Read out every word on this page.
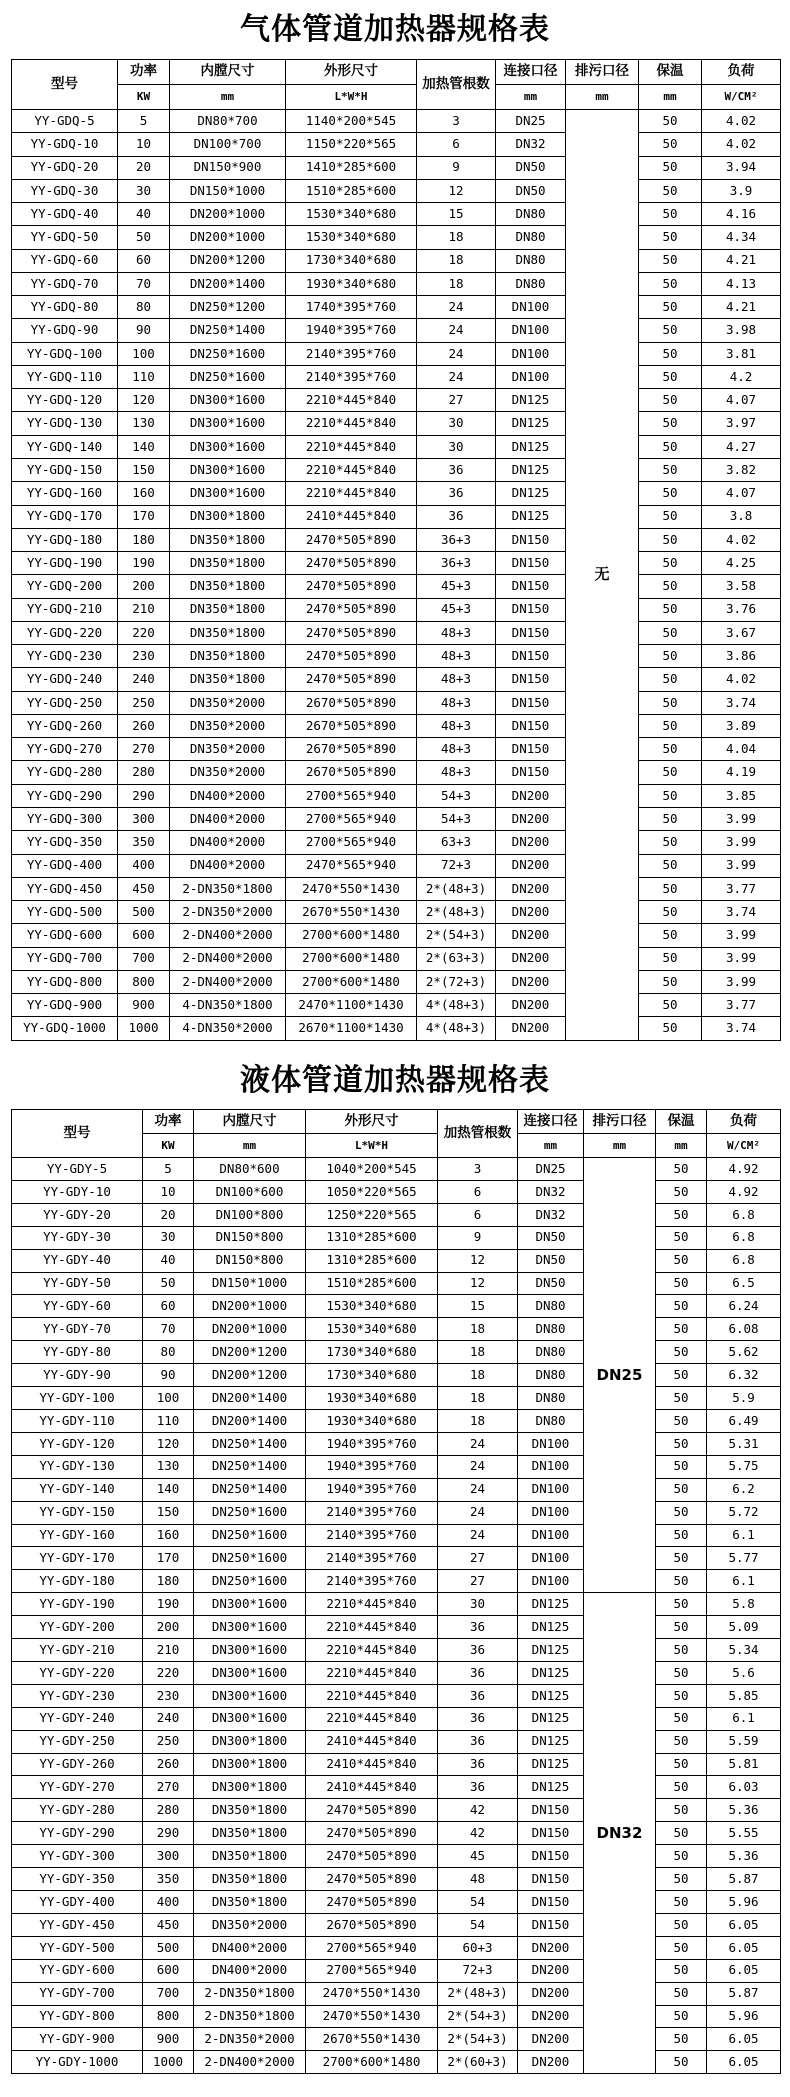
气体管道加热器规格表
型号	功率	内膛尺寸	外形尺寸	加热管根数	连接口径	排污口径	保温	负荷
	KW	mm	L*W*H		mm	mm	mm	W/CM²
YY-GDQ-5	5	DN80*700	1140*200*545	3	DN25	无	50	4.02
YY-GDQ-10	10	DN100*700	1150*220*565	6	DN32		50	4.02
YY-GDQ-20	20	DN150*900	1410*285*600	9	DN50		50	3.94
YY-GDQ-30	30	DN150*1000	1510*285*600	12	DN50		50	3.9
YY-GDQ-40	40	DN200*1000	1530*340*680	15	DN80		50	4.16
YY-GDQ-50	50	DN200*1000	1530*340*680	18	DN80		50	4.34
YY-GDQ-60	60	DN200*1200	1730*340*680	18	DN80		50	4.21
YY-GDQ-70	70	DN200*1400	1930*340*680	18	DN80		50	4.13
YY-GDQ-80	80	DN250*1200	1740*395*760	24	DN100		50	4.21
YY-GDQ-90	90	DN250*1400	1940*395*760	24	DN100		50	3.98
YY-GDQ-100	100	DN250*1600	2140*395*760	24	DN100		50	3.81
YY-GDQ-110	110	DN250*1600	2140*395*760	24	DN100		50	4.2
YY-GDQ-120	120	DN300*1600	2210*445*840	27	DN125		50	4.07
YY-GDQ-130	130	DN300*1600	2210*445*840	30	DN125		50	3.97
YY-GDQ-140	140	DN300*1600	2210*445*840	30	DN125		50	4.27
YY-GDQ-150	150	DN300*1600	2210*445*840	36	DN125		50	3.82
YY-GDQ-160	160	DN300*1600	2210*445*840	36	DN125		50	4.07
YY-GDQ-170	170	DN300*1800	2410*445*840	36	DN125		50	3.8
YY-GDQ-180	180	DN350*1800	2470*505*890	36+3	DN150		50	4.02
YY-GDQ-190	190	DN350*1800	2470*505*890	36+3	DN150		50	4.25
YY-GDQ-200	200	DN350*1800	2470*505*890	45+3	DN150		50	3.58
YY-GDQ-210	210	DN350*1800	2470*505*890	45+3	DN150		50	3.76
YY-GDQ-220	220	DN350*1800	2470*505*890	48+3	DN150		50	3.67
YY-GDQ-230	230	DN350*1800	2470*505*890	48+3	DN150		50	3.86
YY-GDQ-240	240	DN350*1800	2470*505*890	48+3	DN150		50	4.02
YY-GDQ-250	250	DN350*2000	2670*505*890	48+3	DN150		50	3.74
YY-GDQ-260	260	DN350*2000	2670*505*890	48+3	DN150		50	3.89
YY-GDQ-270	270	DN350*2000	2670*505*890	48+3	DN150		50	4.04
YY-GDQ-280	280	DN350*2000	2670*505*890	48+3	DN150		50	4.19
YY-GDQ-290	290	DN400*2000	2700*565*940	54+3	DN200		50	3.85
YY-GDQ-300	300	DN400*2000	2700*565*940	54+3	DN200		50	3.99
YY-GDQ-350	350	DN400*2000	2700*565*940	63+3	DN200		50	3.99
YY-GDQ-400	400	DN400*2000	2470*565*940	72+3	DN200		50	3.99
YY-GDQ-450	450	2-DN350*1800	2470*550*1430	2*(48+3)	DN200		50	3.77
YY-GDQ-500	500	2-DN350*2000	2670*550*1430	2*(48+3)	DN200		50	3.74
YY-GDQ-600	600	2-DN400*2000	2700*600*1480	2*(54+3)	DN200		50	3.99
YY-GDQ-700	700	2-DN400*2000	2700*600*1480	2*(63+3)	DN200		50	3.99
YY-GDQ-800	800	2-DN400*2000	2700*600*1480	2*(72+3)	DN200		50	3.99
YY-GDQ-900	900	4-DN350*1800	2470*1100*1430	4*(48+3)	DN200		50	3.77
YY-GDQ-1000	1000	4-DN350*2000	2670*1100*1430	4*(48+3)	DN200		50	3.74
液体管道加热器规格表
型号	功率	内膛尺寸	外形尺寸	加热管根数	连接口径	排污口径	保温	负荷
	KW	mm	L*W*H		mm	mm	mm	W/CM²
YY-GDY-5	5	DN80*600	1040*200*545	3	DN25	DN25	50	4.92
YY-GDY-10	10	DN100*600	1050*220*565	6	DN32		50	4.92
YY-GDY-20	20	DN100*800	1250*220*565	6	DN32		50	6.8
YY-GDY-30	30	DN150*800	1310*285*600	9	DN50		50	6.8
YY-GDY-40	40	DN150*800	1310*285*600	12	DN50		50	6.8
YY-GDY-50	50	DN150*1000	1510*285*600	12	DN50		50	6.5
YY-GDY-60	60	DN200*1000	1530*340*680	15	DN80		50	6.24
YY-GDY-70	70	DN200*1000	1530*340*680	18	DN80		50	6.08
YY-GDY-80	80	DN200*1200	1730*340*680	18	DN80		50	5.62
YY-GDY-90	90	DN200*1200	1730*340*680	18	DN80		50	6.32
YY-GDY-100	100	DN200*1400	1930*340*680	18	DN80		50	5.9
YY-GDY-110	110	DN200*1400	1930*340*680	18	DN80		50	6.49
YY-GDY-120	120	DN250*1400	1940*395*760	24	DN100		50	5.31
YY-GDY-130	130	DN250*1400	1940*395*760	24	DN100		50	5.75
YY-GDY-140	140	DN250*1400	1940*395*760	24	DN100		50	6.2
YY-GDY-150	150	DN250*1600	2140*395*760	24	DN100		50	5.72
YY-GDY-160	160	DN250*1600	2140*395*760	24	DN100		50	6.1
YY-GDY-170	170	DN250*1600	2140*395*760	27	DN100		50	5.77
YY-GDY-180	180	DN250*1600	2140*395*760	27	DN100		50	6.1
YY-GDY-190	190	DN300*1600	2210*445*840	30	DN125	DN32	50	5.8
YY-GDY-200	200	DN300*1600	2210*445*840	36	DN125		50	5.09
YY-GDY-210	210	DN300*1600	2210*445*840	36	DN125		50	5.34
YY-GDY-220	220	DN300*1600	2210*445*840	36	DN125		50	5.6
YY-GDY-230	230	DN300*1600	2210*445*840	36	DN125		50	5.85
YY-GDY-240	240	DN300*1600	2210*445*840	36	DN125		50	6.1
YY-GDY-250	250	DN300*1800	2410*445*840	36	DN125		50	5.59
YY-GDY-260	260	DN300*1800	2410*445*840	36	DN125		50	5.81
YY-GDY-270	270	DN300*1800	2410*445*840	36	DN125		50	6.03
YY-GDY-280	280	DN350*1800	2470*505*890	42	DN150		50	5.36
YY-GDY-290	290	DN350*1800	2470*505*890	42	DN150		50	5.55
YY-GDY-300	300	DN350*1800	2470*505*890	45	DN150		50	5.36
YY-GDY-350	350	DN350*1800	2470*505*890	48	DN150		50	5.87
YY-GDY-400	400	DN350*1800	2470*505*890	54	DN150		50	5.96
YY-GDY-450	450	DN350*2000	2670*505*890	54	DN150		50	6.05
YY-GDY-500	500	DN400*2000	2700*565*940	60+3	DN200		50	6.05
YY-GDY-600	600	DN400*2000	2700*565*940	72+3	DN200		50	6.05
YY-GDY-700	700	2-DN350*1800	2470*550*1430	2*(48+3)	DN200		50	5.87
YY-GDY-800	800	2-DN350*1800	2470*550*1430	2*(54+3)	DN200		50	5.96
YY-GDY-900	900	2-DN350*2000	2670*550*1430	2*(54+3)	DN200		50	6.05
YY-GDY-1000	1000	2-DN400*2000	2700*600*1480	2*(60+3)	DN200		50	6.05
